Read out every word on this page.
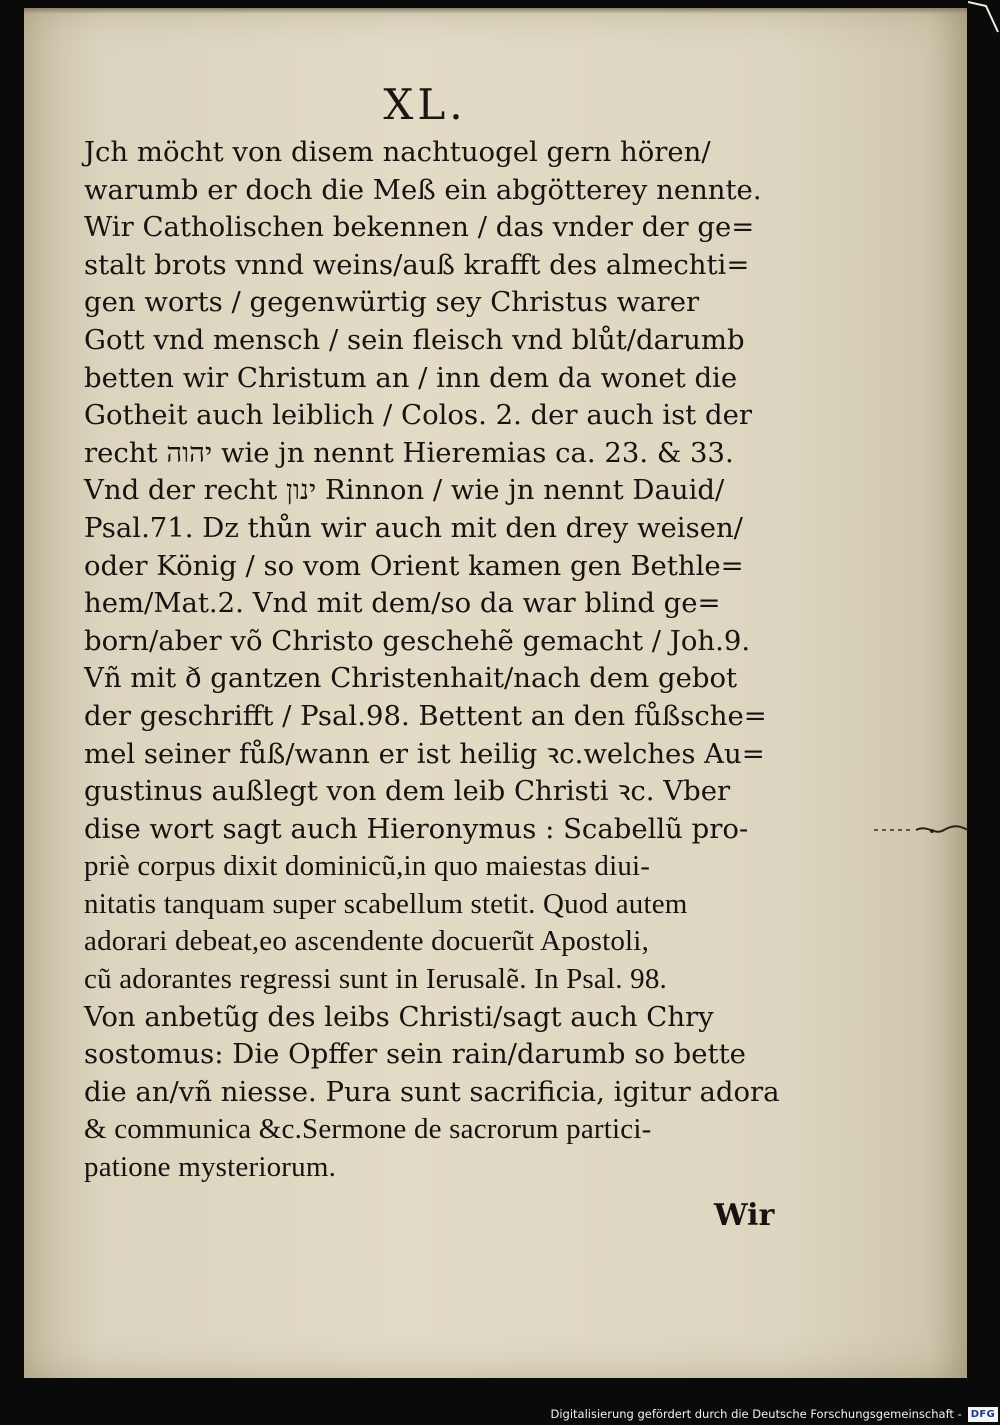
XL.
Jch möcht von disem nachtuogel gern hören/
warumb er doch die Meß ein abgötterey nennte.
Wir Catholischen bekennen / das vnder der ge=
stalt brots vnnd weins/auß krafft des almechti=
gen worts / gegenwürtig sey Christus warer
Gott vnd mensch / sein fleisch vnd blůt/darumb
betten wir Christum an / inn dem da wonet die
Gotheit auch leiblich / Colos. 2. der auch ist der
recht יהוה wie jn nennt Hieremias ca. 23. & 33.
Vnd der recht ינון Rinnon / wie jn nennt Dauid/
Psal.71. Dz thůn wir auch mit den drey weisen/
oder König / so vom Orient kamen gen Bethle=
hem/Mat.2. Vnd mit dem/so da war blind ge=
born/aber võ Christo geschehẽ gemacht / Joh.9.
Vñ mit ð gantzen Christenhait/nach dem gebot
der geschrifft / Psal.98. Bettent an den fůßsche=
mel seiner fůß/wann er ist heilig ꝛc.welches Au=
gustinus außlegt von dem leib Christi ꝛc. Vber
dise wort sagt auch Hieronymus : Scabellũ pro-
priè corpus dixit dominicũ,in quo maiestas diui-
nitatis tanquam super scabellum stetit. Quod autem
adorari debeat,eo ascendente docuerũt Apostoli,
cũ adorantes regressi sunt in Ierusalẽ. In Psal. 98.
Von anbetũg des leibs Christi/sagt auch Chry
sostomus: Die Opffer sein rain/darumb so bette
die an/vñ niesse. Pura sunt sacrificia, igitur adora
& communica &c.Sermone de sacrorum partici-
patione mysteriorum.
Wir
Digitalisierung gefördert durch die Deutsche Forschungsgemeinschaft - DFG
